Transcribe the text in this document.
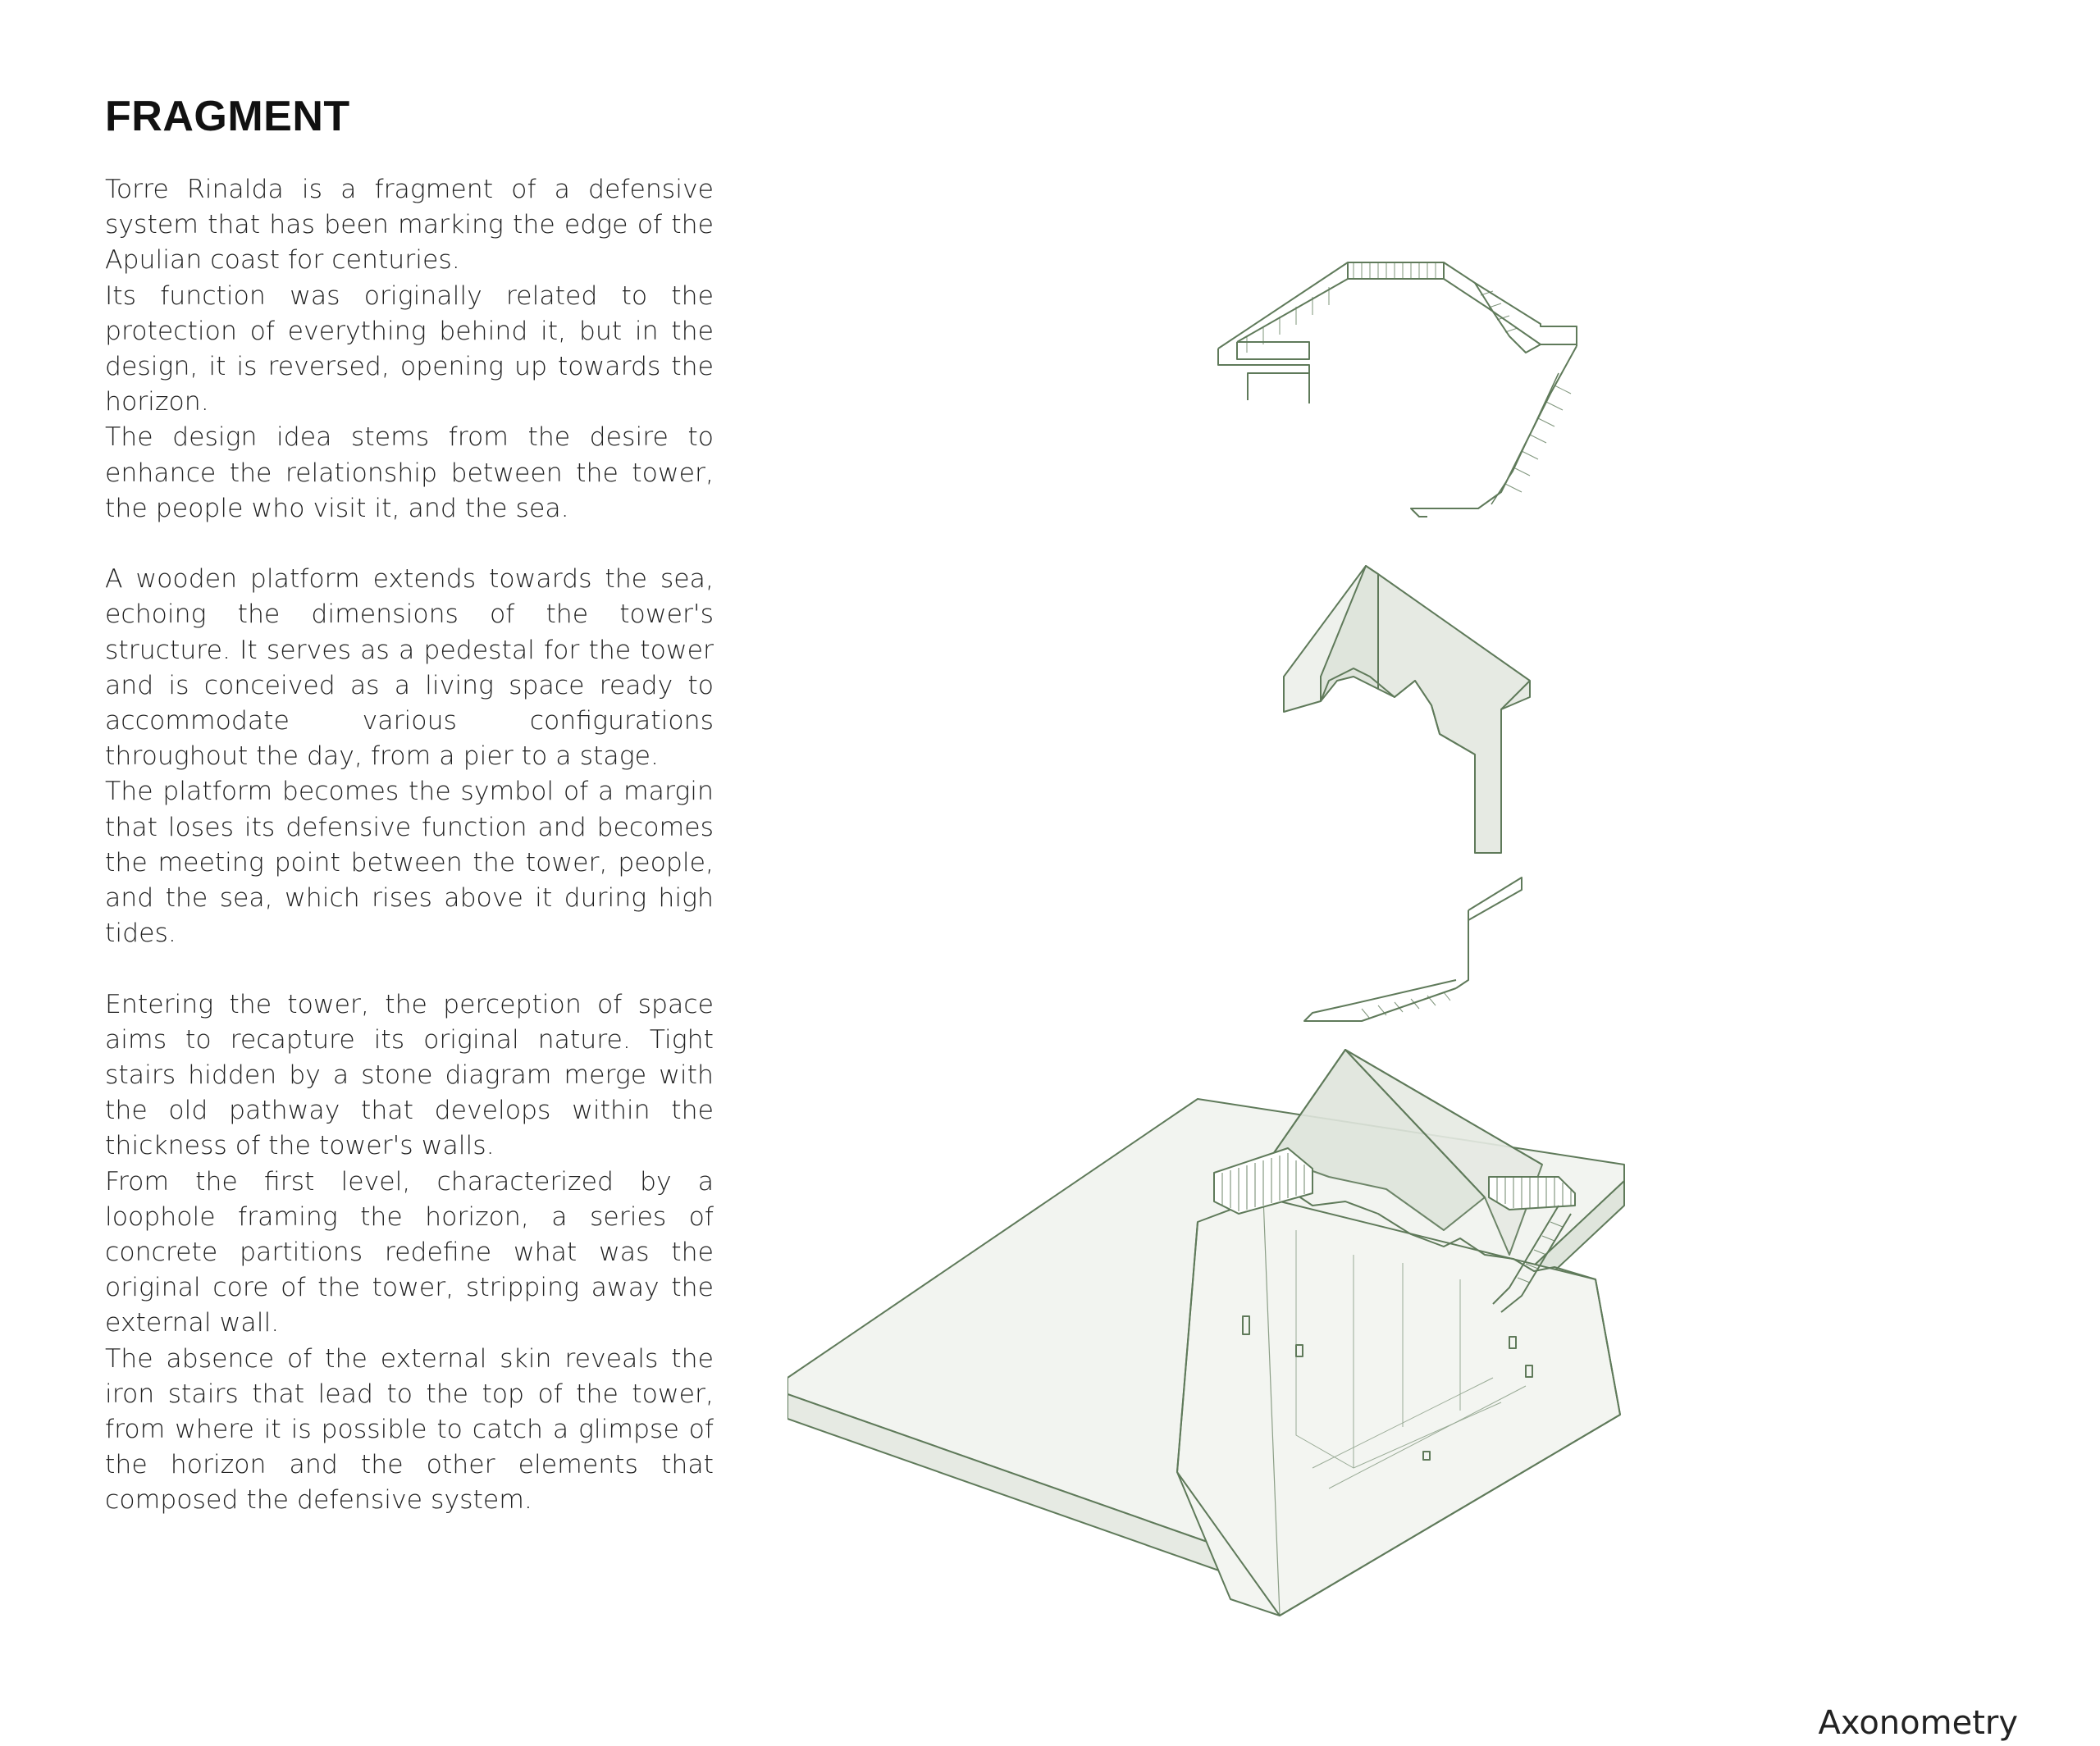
FRAGMENT

Torre Rinalda is a fragment of a defensive system that has been marking the edge of the Apulian coast for centuries.

Its function was originally related to the protection of everything behind it, but in the design, it is reversed, opening up towards the horizon.

The design idea stems from the desire to enhance the relationship between the tower, the people who visit it, and the sea.

A wooden platform extends towards the sea, echoing the dimensions of the tower's structure. It serves as a pedestal for the tower and is conceived as a living space ready to accommodate various configurations throughout the day, from a pier to a stage.

The platform becomes the symbol of a margin that loses its defensive function and becomes the meeting point between the tower, people, and the sea, which rises above it during high tides.

Entering the tower, the perception of space aims to recapture its original nature. Tight stairs hidden by a stone diagram merge with the old pathway that develops within the thickness of the tower's walls.

From the first level, characterized by a loophole framing the horizon, a series of concrete partitions redefine what was the original core of the tower, stripping away the external wall.

The absence of the external skin reveals the iron stairs that lead to the top of the tower, from where it is possible to catch a glimpse of the horizon and the other elements that composed the defensive system.

Axonometry
